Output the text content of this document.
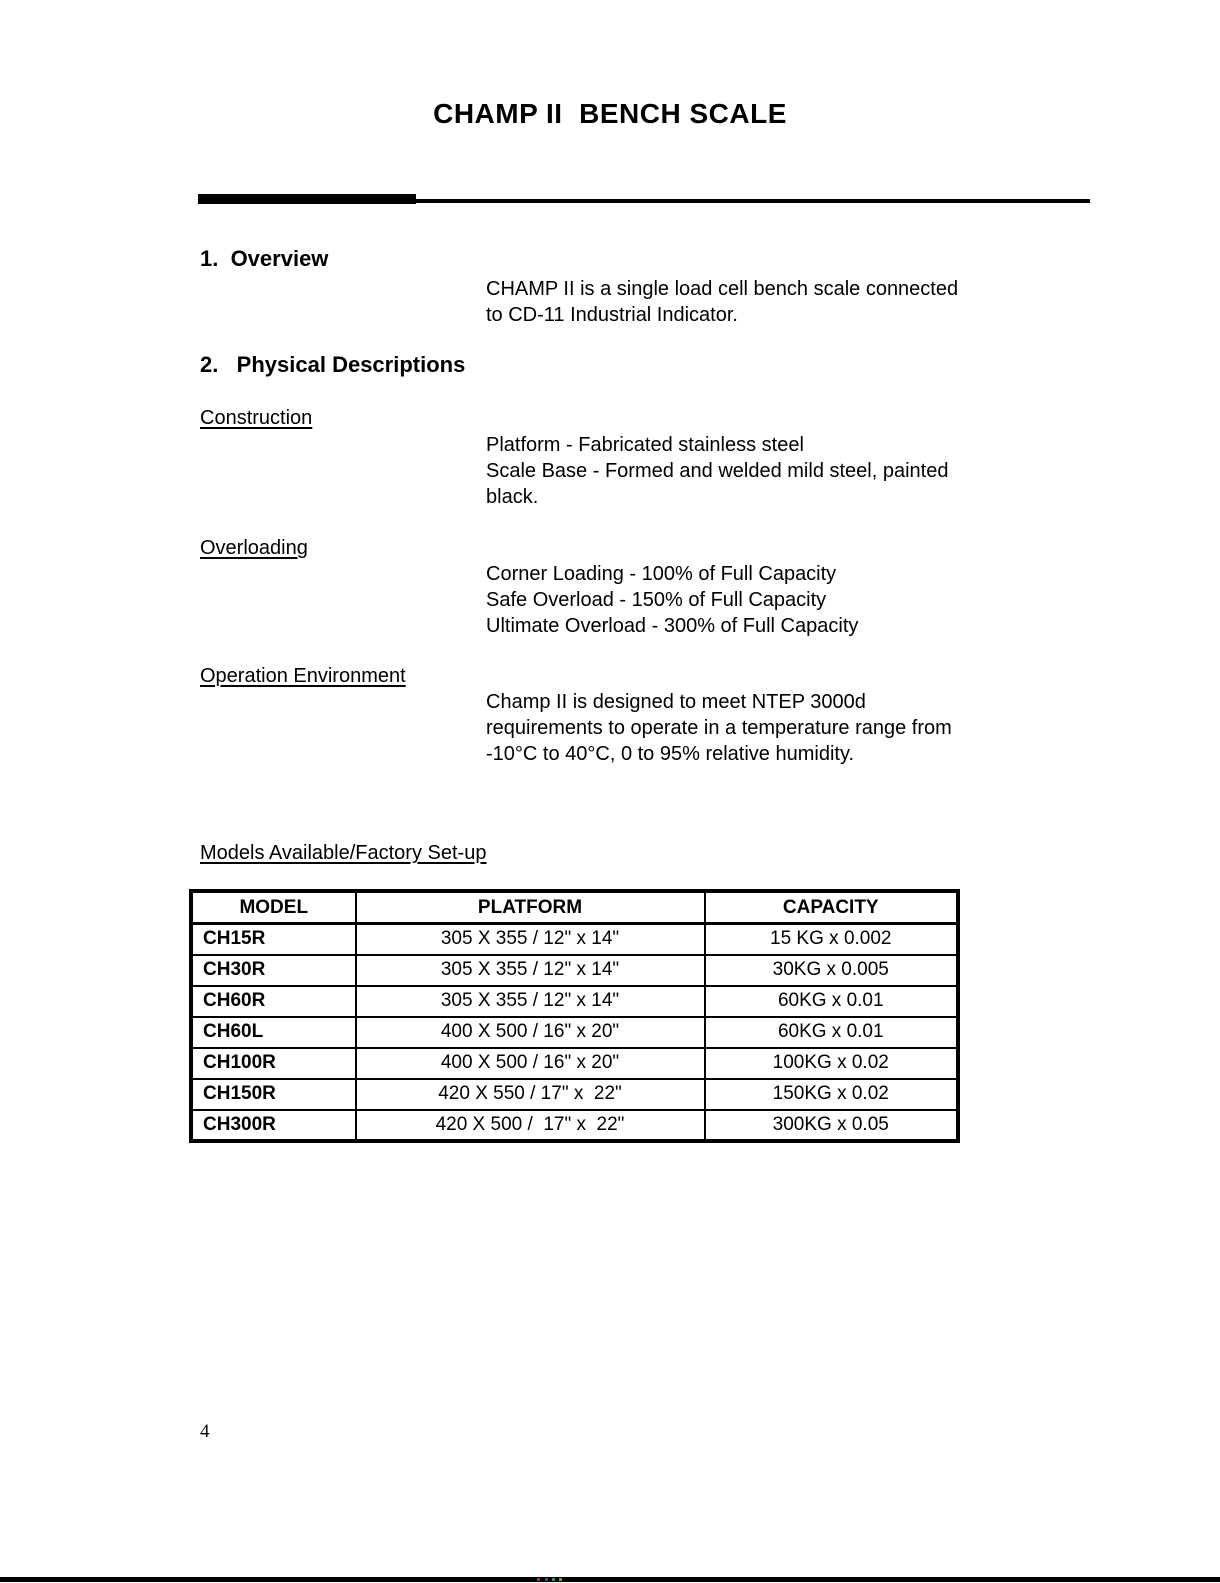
CHAMP II  BENCH SCALE
1.  Overview
CHAMP II is a single load cell bench scale connected
to CD-11 Industrial Indicator.
2.   Physical Descriptions
Construction
Platform - Fabricated stainless steel
Scale Base - Formed and welded mild steel, painted
black.
Overloading
Corner Loading - 100% of Full Capacity
Safe Overload - 150% of Full Capacity
Ultimate Overload - 300% of Full Capacity
Operation Environment
Champ II is designed to meet NTEP 3000d
requirements to operate in a temperature range from
-10°C to 40°C, 0 to 95% relative humidity.
Models Available/Factory Set-up
MODEL	PLATFORM	CAPACITY
CH15R	305 X 355 / 12" x 14"	15 KG x 0.002
CH30R	305 X 355 / 12" x 14"	30KG x 0.005
CH60R	305 X 355 / 12" x 14"	60KG x 0.01
CH60L	400 X 500 / 16" x 20"	60KG x 0.01
CH100R	400 X 500 / 16" x 20"	100KG x 0.02
CH150R	420 X 550 / 17" x  22"	150KG x 0.02
CH300R	420 X 500 /  17" x  22"	300KG x 0.05
4
